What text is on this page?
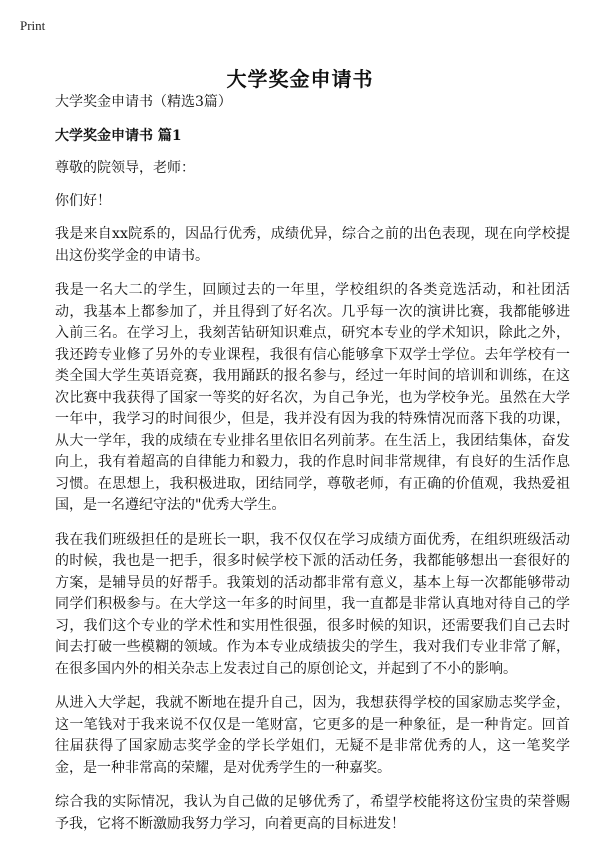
Print
大学奖金申请书

大学奖金申请书（精选3篇）

大学奖金申请书 篇1

尊敬的院领导，老师：

你们好！

我是来自xx院系的，因品行优秀，成绩优异，综合之前的出色表现，现在向学校提出这份奖学金的申请书。

我是一名大二的学生，回顾过去的一年里，学校组织的各类竞选活动，和社团活动，我基本上都参加了，并且得到了好名次。几乎每一次的演讲比赛，我都能够进入前三名。在学习上，我刻苦钻研知识难点，研究本专业的学术知识，除此之外，我还跨专业修了另外的专业课程，我很有信心能够拿下双学士学位。去年学校有一类全国大学生英语竞赛，我用踊跃的报名参与，经过一年时间的培训和训练，在这次比赛中我获得了国家一等奖的好名次，为自己争光，也为学校争光。虽然在大学一年中，我学习的时间很少，但是，我并没有因为我的特殊情况而落下我的功课，从大一学年，我的成绩在专业排名里依旧名列前茅。在生活上，我团结集体，奋发向上，我有着超高的自律能力和毅力，我的作息时间非常规律，有良好的生活作息习惯。在思想上，我积极进取，团结同学，尊敬老师，有正确的价值观，我热爱祖国，是一名遵纪守法的"优秀大学生。

我在我们班级担任的是班长一职，我不仅仅在学习成绩方面优秀，在组织班级活动的时候，我也是一把手，很多时候学校下派的活动任务，我都能够想出一套很好的方案，是辅导员的好帮手。我策划的活动都非常有意义，基本上每一次都能够带动同学们积极参与。在大学这一年多的时间里，我一直都是非常认真地对待自己的学习，我们这个专业的学术性和实用性很强，很多时候的知识，还需要我们自己去时间去打破一些模糊的领域。作为本专业成绩拔尖的学生，我对我们专业非常了解，在很多国内外的相关杂志上发表过自己的原创论文，并起到了不小的影响。

从进入大学起，我就不断地在提升自己，因为，我想获得学校的国家励志奖学金，这一笔钱对于我来说不仅仅是一笔财富，它更多的是一种象征，是一种肯定。回首往届获得了国家励志奖学金的学长学姐们，无疑不是非常优秀的人，这一笔奖学金，是一种非常高的荣耀，是对优秀学生的一种嘉奖。

综合我的实际情况，我认为自己做的足够优秀了，希望学校能将这份宝贵的荣誉赐予我，它将不断激励我努力学习，向着更高的目标进发！
